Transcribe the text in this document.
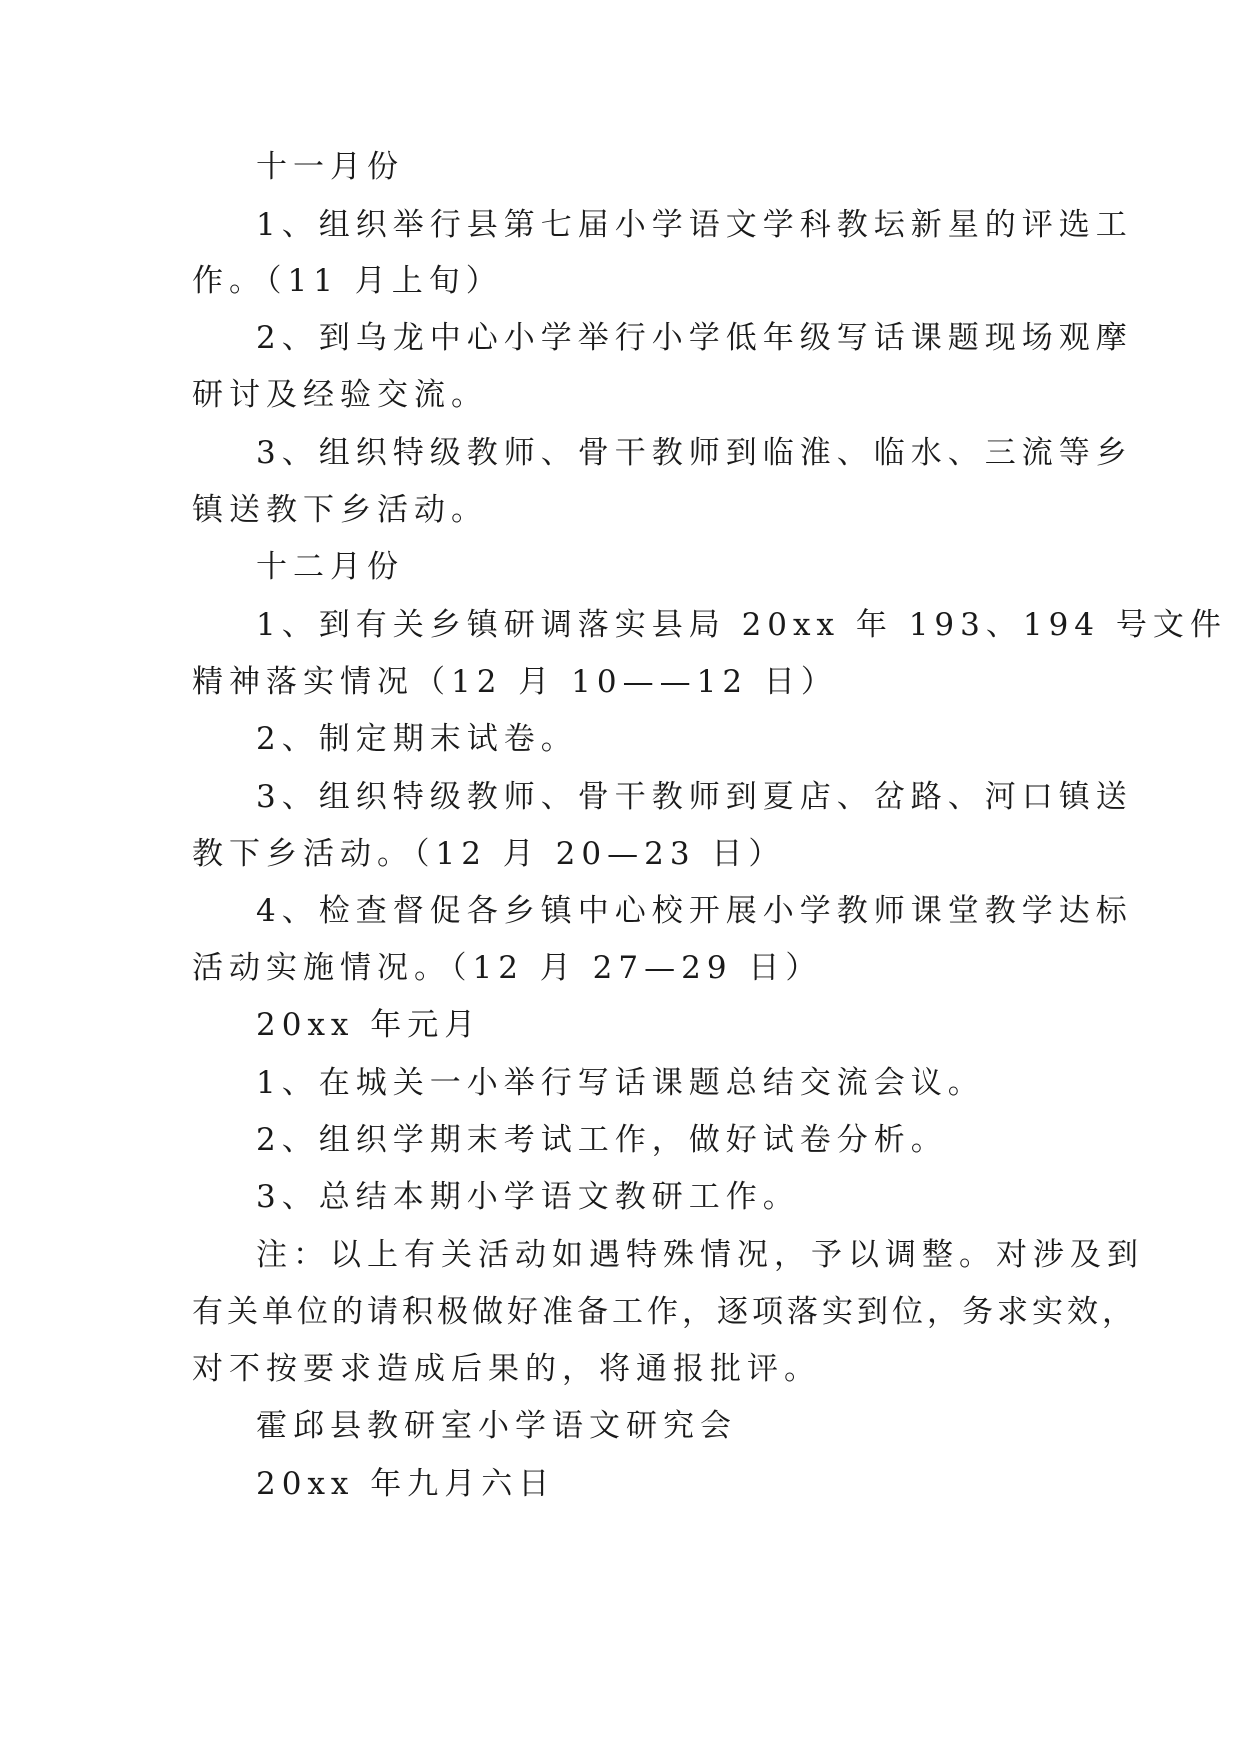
十一月份

1、组织举行县第七届小学语文学科教坛新星的评选工

作。（11 月上旬）

2、到乌龙中心小学举行小学低年级写话课题现场观摩

研讨及经验交流。

3、组织特级教师、骨干教师到临淮、临水、三流等乡

镇送教下乡活动。

十二月份

1、到有关乡镇研调落实县局 20xx 年 193、194 号文件

精神落实情况（12 月 10——12 日）

2、制定期末试卷。

3、组织特级教师、骨干教师到夏店、岔路、河口镇送

教下乡活动。（12 月 20—23 日）

4、检查督促各乡镇中心校开展小学教师课堂教学达标

活动实施情况。（12 月 27—29 日）

20xx 年元月

1、在城关一小举行写话课题总结交流会议。

2、组织学期末考试工作，做好试卷分析。

3、总结本期小学语文教研工作。

注：以上有关活动如遇特殊情况，予以调整。对涉及到

有关单位的请积极做好准备工作，逐项落实到位，务求实效，

对不按要求造成后果的，将通报批评。

霍邱县教研室小学语文研究会

20xx 年九月六日
